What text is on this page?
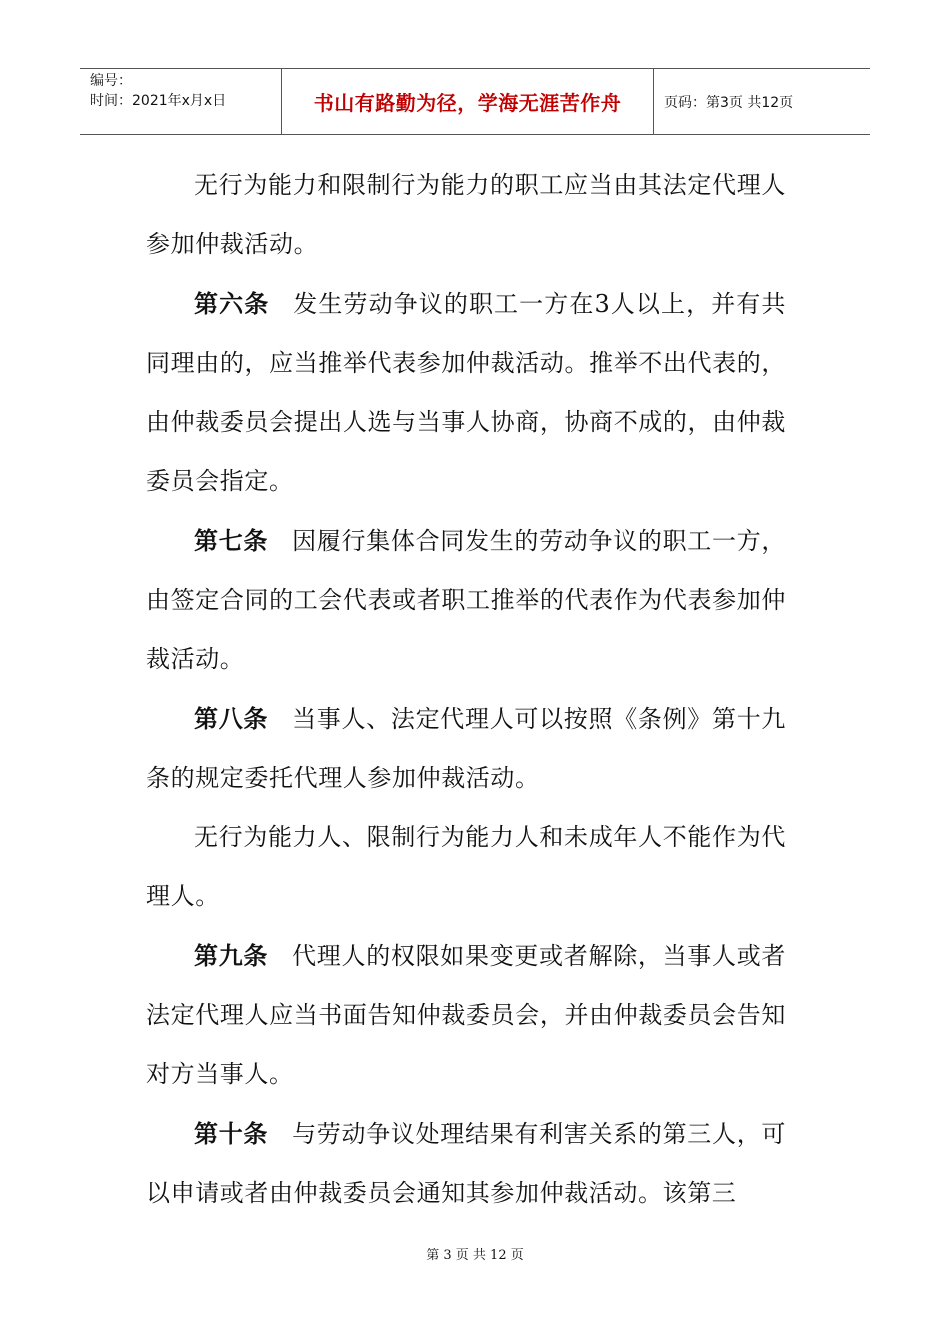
编号：
时间：2021年x月x日	书山有路勤为径，学海无涯苦作舟	页码：第3页 共12页

无行为能力和限制行为能力的职工应当由其法定代理人参加仲裁活动。

第六条 发生劳动争议的职工一方在3人以上，并有共同理由的，应当推举代表参加仲裁活动。推举不出代表的，由仲裁委员会提出人选与当事人协商，协商不成的，由仲裁委员会指定。

第七条 因履行集体合同发生的劳动争议的职工一方，由签定合同的工会代表或者职工推举的代表作为代表参加仲裁活动。

第八条 当事人、法定代理人可以按照《条例》第十九条的规定委托代理人参加仲裁活动。

无行为能力人、限制行为能力人和未成年人不能作为代理人。

第九条 代理人的权限如果变更或者解除，当事人或者法定代理人应当书面告知仲裁委员会，并由仲裁委员会告知对方当事人。

第十条 与劳动争议处理结果有利害关系的第三人，可以申请或者由仲裁委员会通知其参加仲裁活动。该第三

第 3 页 共 12 页
